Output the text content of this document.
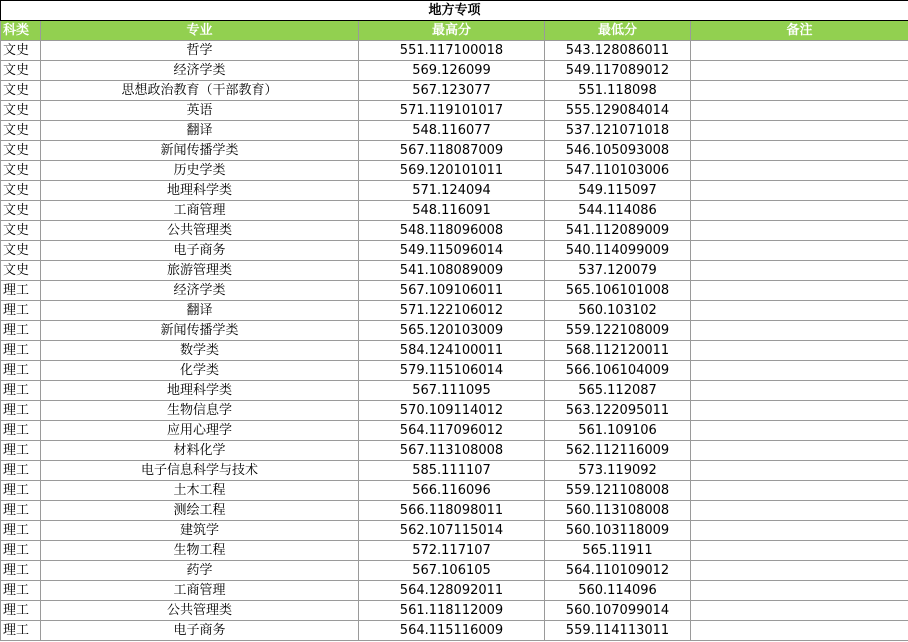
地方专项				
科类	专业	最高分	最低分	备注
文史	哲学	551.117100018	543.128086011	
文史	经济学类	569.126099	549.117089012	
文史	思想政治教育（干部教育）	567.123077	551.118098	
文史	英语	571.119101017	555.129084014	
文史	翻译	548.116077	537.121071018	
文史	新闻传播学类	567.118087009	546.105093008	
文史	历史学类	569.120101011	547.110103006	
文史	地理科学类	571.124094	549.115097	
文史	工商管理	548.116091	544.114086	
文史	公共管理类	548.118096008	541.112089009	
文史	电子商务	549.115096014	540.114099009	
文史	旅游管理类	541.108089009	537.120079	
理工	经济学类	567.109106011	565.106101008	
理工	翻译	571.122106012	560.103102	
理工	新闻传播学类	565.120103009	559.122108009	
理工	数学类	584.124100011	568.112120011	
理工	化学类	579.115106014	566.106104009	
理工	地理科学类	567.111095	565.112087	
理工	生物信息学	570.109114012	563.122095011	
理工	应用心理学	564.117096012	561.109106	
理工	材料化学	567.113108008	562.112116009	
理工	电子信息科学与技术	585.111107	573.119092	
理工	土木工程	566.116096	559.121108008	
理工	测绘工程	566.118098011	560.113108008	
理工	建筑学	562.107115014	560.103118009	
理工	生物工程	572.117107	565.11911	
理工	药学	567.106105	564.110109012	
理工	工商管理	564.128092011	560.114096	
理工	公共管理类	561.118112009	560.107099014	
理工	电子商务	564.115116009	559.114113011	
